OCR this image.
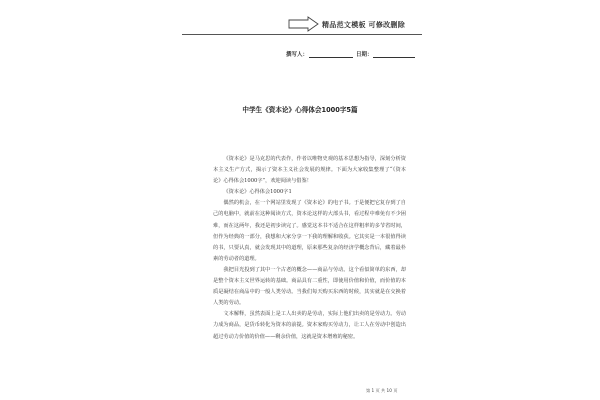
精品范文模板 可修改删除
撰写人：	日期：
中学生《资本论》心得体会1000字5篇

《资本论》是马克思的代表作，作者以唯物史观的基本思想为指导，深刻分析资本主义生产方式，揭示了资本主义社会发展的规律。下面为大家收集整理了“《资本论》心得体会1000字”，欢迎阅读与借鉴！

《资本论》心得体会1000字1

偶然的机会，在一个网站里发现了《资本论》的电子书。于是便把它复存到了自己的电脑中，就前在这种阅读方式，资本论这样的大部头书，看过程中难免有不少困难，而在这两年，我还是初步读完了。感觉这本书不适合在这样粗率的多节省时间，但作为经典的一部分，我想和大家分享一下我的理解和收获。它其实是一本很值得读的书，只要认真，就会发现其中的道理，原来那些复杂的经济学概念背后，藏着最朴素的劳动者的道理。

我把目光投到了其中一个古老的概念——商品与劳动。这个看似简单的东西，却是整个资本主义世界运转的基础。商品具有二重性，即使用价值和价值，而价值的本质是凝结在商品中的一般人类劳动。当我们每天购买东西的时候，其实就是在交换着人类的劳动。

文本解释，虽然表面上是工人出卖的是劳动，实际上他们出卖的是劳动力。劳动力成为商品，是货币转化为资本的前提。资本家购买劳动力，让工人在劳动中创造出超过劳动力价值的价值——剩余价值，这就是资本增殖的秘密。

第 1 页 共 10 页
